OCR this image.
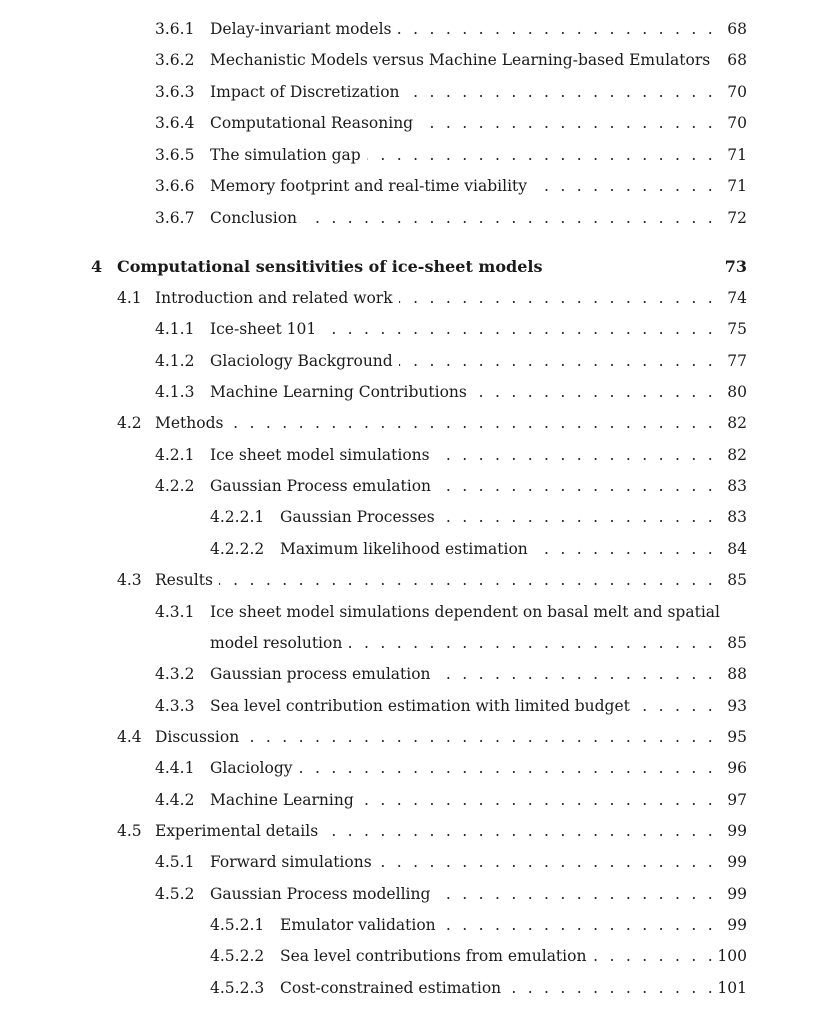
3.6.1 . . . Delay-invariant models	68
3.6.2 . . . Mechanistic Models versus Machine Learning-based Emulators	68
3.6.3 . . . Impact of Discretization	70
3.6.4 . . . Computational Reasoning	70
3.6.5 . . . The simulation gap	71
3.6.6 . . . Memory footprint and real-time viability	71
3.6.7 . . . Conclusion	72
4 Computational sensitivities of ice-sheet models	73
4.1 . . . Introduction and related work	74
4.1.1 . . . Ice-sheet 101	75
4.1.2 . . . Glaciology Background	77
4.1.3 . . . Machine Learning Contributions	80
4.2 . . . Methods	82
4.2.1 . . . Ice sheet model simulations	82
4.2.2 . . . Gaussian Process emulation	83
4.2.2.1 . . . Gaussian Processes	83
4.2.2.2 . . . Maximum likelihood estimation	84
4.3 . . . Results	85
4.3.1 Ice sheet model simulations dependent on basal melt and spatial
. . .
model resolution	85
4.3.2 . . . Gaussian process emulation	88
4.3.3 . . . Sea level contribution estimation with limited budget	93
4.4 . . . Discussion	95
4.4.1 . . . Glaciology	96
4.4.2 . . . Machine Learning	97
4.5 . . . Experimental details	99
4.5.1 . . . Forward simulations	99
4.5.2 . . . Gaussian Process modelling	99
4.5.2.1 . . . Emulator validation	99
4.5.2.2 . . . Sea level contributions from emulation	100
4.5.2.3 . . . Cost-constrained estimation	101
